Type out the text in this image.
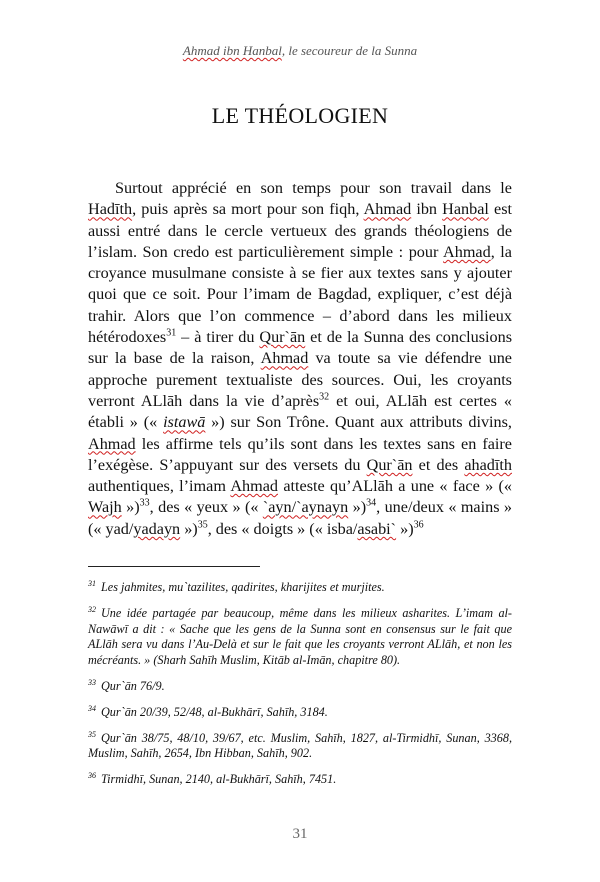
Ahmad ibn Hanbal, le secoureur de la Sunna
LE THÉOLOGIEN

Surtout apprécié en son temps pour son travail dans le Hadīth, puis après sa mort pour son fiqh, Ahmad ibn Hanbal est aussi entré dans le cercle vertueux des grands théologiens de l’islam. Son credo est particulièrement simple : pour Ahmad, la croyance musulmane consiste à se fier aux textes sans y ajouter quoi que ce soit. Pour l’imam de Bagdad, expliquer, c’est déjà trahir. Alors que l’on commence – d’abord dans les milieux hétérodoxes$^{31}$ – à tirer du Qur`ān et de la Sunna des conclusions sur la base de la raison, Ahmad va toute sa vie défendre une approche purement textualiste des sources. Oui, les croyants verront ALlāh dans la vie d’après$^{32}$ et oui, ALlāh est certes « établi » (« istawā ») sur Son Trône. Quant aux attributs divins, Ahmad les affirme tels qu’ils sont dans les textes sans en faire l’exégèse. S’appuyant sur des versets du Qur`ān et des ahadīth authentiques, l’imam Ahmad atteste qu’ALlāh a une « face » (« Wajh »)$^{33}$, des « yeux » (« `ayn/`aynayn »)$^{34}$, une/deux « mains » (« yad/yadayn »)$^{35}$, des « doigts » (« isba/asabi` »)$^{36}$

$^{31}$ Les jahmites, mu`tazilites, qadirites, kharijites et murjites.
$^{32}$ Une idée partagée par beaucoup, même dans les milieux asharites. L’imam al-Nawāwī a dit : « Sache que les gens de la Sunna sont en consensus sur le fait que ALlāh sera vu dans l’Au-Delà et sur le fait que les croyants verront ALlāh, et non les mécréants. » (Sharh Sahīh Muslim, Kitāb al-Imān, chapitre 80).
$^{33}$ Qur`ān 76/9.
$^{34}$ Qur`ān 20/39, 52/48, al-Bukhārī, Sahīh, 3184.
$^{35}$ Qur`ān 38/75, 48/10, 39/67, etc. Muslim, Sahīh, 1827, al-Tirmidhī, Sunan, 3368, Muslim, Sahīh, 2654, Ibn Hibban, Sahīh, 902.
$^{36}$ Tirmidhī, Sunan, 2140, al-Bukhārī, Sahīh, 7451.
31
